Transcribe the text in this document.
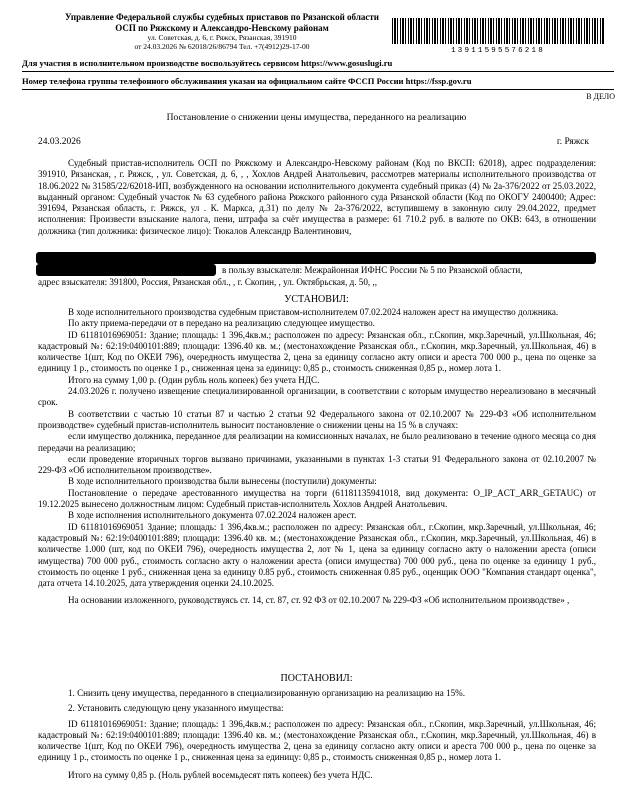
Управление Федеральной службы судебных приставов по Рязанской области
ОСП по Ряжскому и Александро-Невскому районам
ул. Советская, д. 6, г. Ряжск, Рязанская, 391910
от 24.03.2026 № 62018/26/86794 Тел. +7(4912)29-17-00	13911595576218
Для участия в исполнительном производстве воспользуйтесь сервисом https://www.gosuslugi.ru
Номер телефона группы телефонного обслуживания указан на официальном сайте ФССП России https://fssp.gov.ru
В ДЕЛО
Постановление о снижении цены имущества, переданного на реализацию
24.03.2026	г. Ряжск

Судебный пристав-исполнитель ОСП по Ряжскому и Александро-Невскому районам (Код по ВКСП: 62018), адрес подразделения: 391910, Рязанская, , г. Ряжск, , ул. Советская, д. 6, , , Хохлов Андрей Анатольевич, рассмотрев материалы исполнительного производства от 18.06.2022 № 31585/22/62018-ИП, возбужденного на основании исполнительного документа судебный приказ (4) № 2а-376/2022 от 25.03.2022, выданный органом: Судебный участок № 63 судебного района Ряжского районного суда Рязанской области (Код по ОКОГУ 2400400; Адрес: 391694, Рязанская область, г. Ряжск, ул . К. Маркса, д.31) по делу № 2а-376/2022, вступившему в законную силу 29.04.2022, предмет исполнения: Произвести взыскание налога, пени, штрафа за счёт имущества в размере: 61 710.2 руб. в валюте по ОКВ: 643, в отношении должника (тип должника: физическое лицо): Тюкалов Александр Валентинович,

в пользу взыскателя: Межрайонная ИФНС России № 5 по Рязанской области,

адрес взыскателя: 391800, Россия, Рязанская обл., , г. Скопин, , ул. Октябрьская, д. 50, ,,

УСТАНОВИЛ:

В ходе исполнительного производства судебным приставом-исполнителем 07.02.2024 наложен арест на имущество должника.

По акту приема-передачи от в передано на реализацию следующее имущество.

ID 61181016969051: Здание; площадь: 1 396,4кв.м.; расположен по адресу: Рязанская обл., г.Скопин, мкр.Заречный, ул.Школьная, 46; кадастровый №: 62:19:0400101:889; площади: 1396.40 кв. м.; (местонахождение Рязанская обл., г.Скопин, мкр.Заречный, ул.Школьная, 46) в количестве 1(шт, Код по ОКЕИ 796), очередность имущества 2, цена за единицу согласно акту описи и ареста 700 000 р., цена по оценке за единицу 1 р., стоимость по оценке 1 р., сниженная цена за единицу: 0,85 р., стоимость сниженная 0,85 р., номер лота 1.

Итого на сумму 1,00 р. (Один рубль ноль копеек) без учета НДС.

24.03.2026 г. получено извещение специализированной организации, в соответствии с которым имущество нереализовано в месячный срок.

В соответствии с частью 10 статьи 87 и частью 2 статьи 92 Федерального закона от 02.10.2007 № 229-ФЗ «Об исполнительном производстве» судебный пристав-исполнитель выносит постановление о снижении цены на 15 % в случаях:

если имущество должника, переданное для реализации на комиссионных началах, не было реализовано в течение одного месяца со дня передачи на реализацию;

если проведение вторичных торгов вызвано причинами, указанными в пунктах 1-3 статьи 91 Федерального закона от 02.10.2007 № 229-ФЗ «Об исполнительном производстве».

В ходе исполнительного производства были вынесены (поступили) документы:

Постановление о передаче арестованного имущества на торги (61181135941018, вид документа: O_IP_ACT_ARR_GETAUC) от 19.12.2025 вынесено должностным лицом: Судебный пристав-исполнитель Хохлов Андрей Анатольевич.

В ходе исполнения исполнительного документа 07.02.2024 наложен арест.

ID 61181016969051 Здание; площадь: 1 396,4кв.м.; расположен по адресу: Рязанская обл., г.Скопин, мкр.Заречный, ул.Школьная, 46; кадастровый №: 62:19:0400101:889; площади: 1396.40 кв. м.; (местонахождение Рязанская обл., г.Скопин, мкр.Заречный, ул.Школьная, 46) в количестве 1.000 (шт, код по ОКЕИ 796), очередность имущества 2, лот № 1, цена за единицу согласно акту о наложении ареста (описи имущества) 700 000 руб., стоимость согласно акту о наложении ареста (описи имущества) 700 000 руб., цена по оценке за единицу 1 руб., стоимость по оценке 1 руб., сниженная цена за единицу 0.85 руб., стоимость сниженная 0.85 руб., оценщик ООО "Компания стандарт оценка", дата отчета 14.10.2025, дата утверждения оценки 24.10.2025.

На основании изложенного, руководствуясь ст. 14, ст. 87, ст. 92 ФЗ от 02.10.2007 № 229-ФЗ «Об исполнительном производстве» ,

ПОСТАНОВИЛ:

1. Снизить цену имущества, переданного в специализированную организацию на реализацию на 15%.

2. Установить следующую цену указанного имущества:

ID 61181016969051: Здание; площадь: 1 396,4кв.м.; расположен по адресу: Рязанская обл., г.Скопин, мкр.Заречный, ул.Школьная, 46; кадастровый №: 62:19:0400101:889; площади: 1396.40 кв. м.; (местонахождение Рязанская обл., г.Скопин, мкр.Заречный, ул.Школьная, 46) в количестве 1(шт, Код по ОКЕИ 796), очередность имущества 2, цена за единицу согласно акту описи и ареста 700 000 р., цена по оценке за единицу 1 р., стоимость по оценке 1 р., сниженная цена за единицу: 0,85 р., стоимость сниженная 0,85 р., номер лота 1.

Итого на сумму 0,85 р. (Ноль рублей восемьдесят пять копеек) без учета НДС.
